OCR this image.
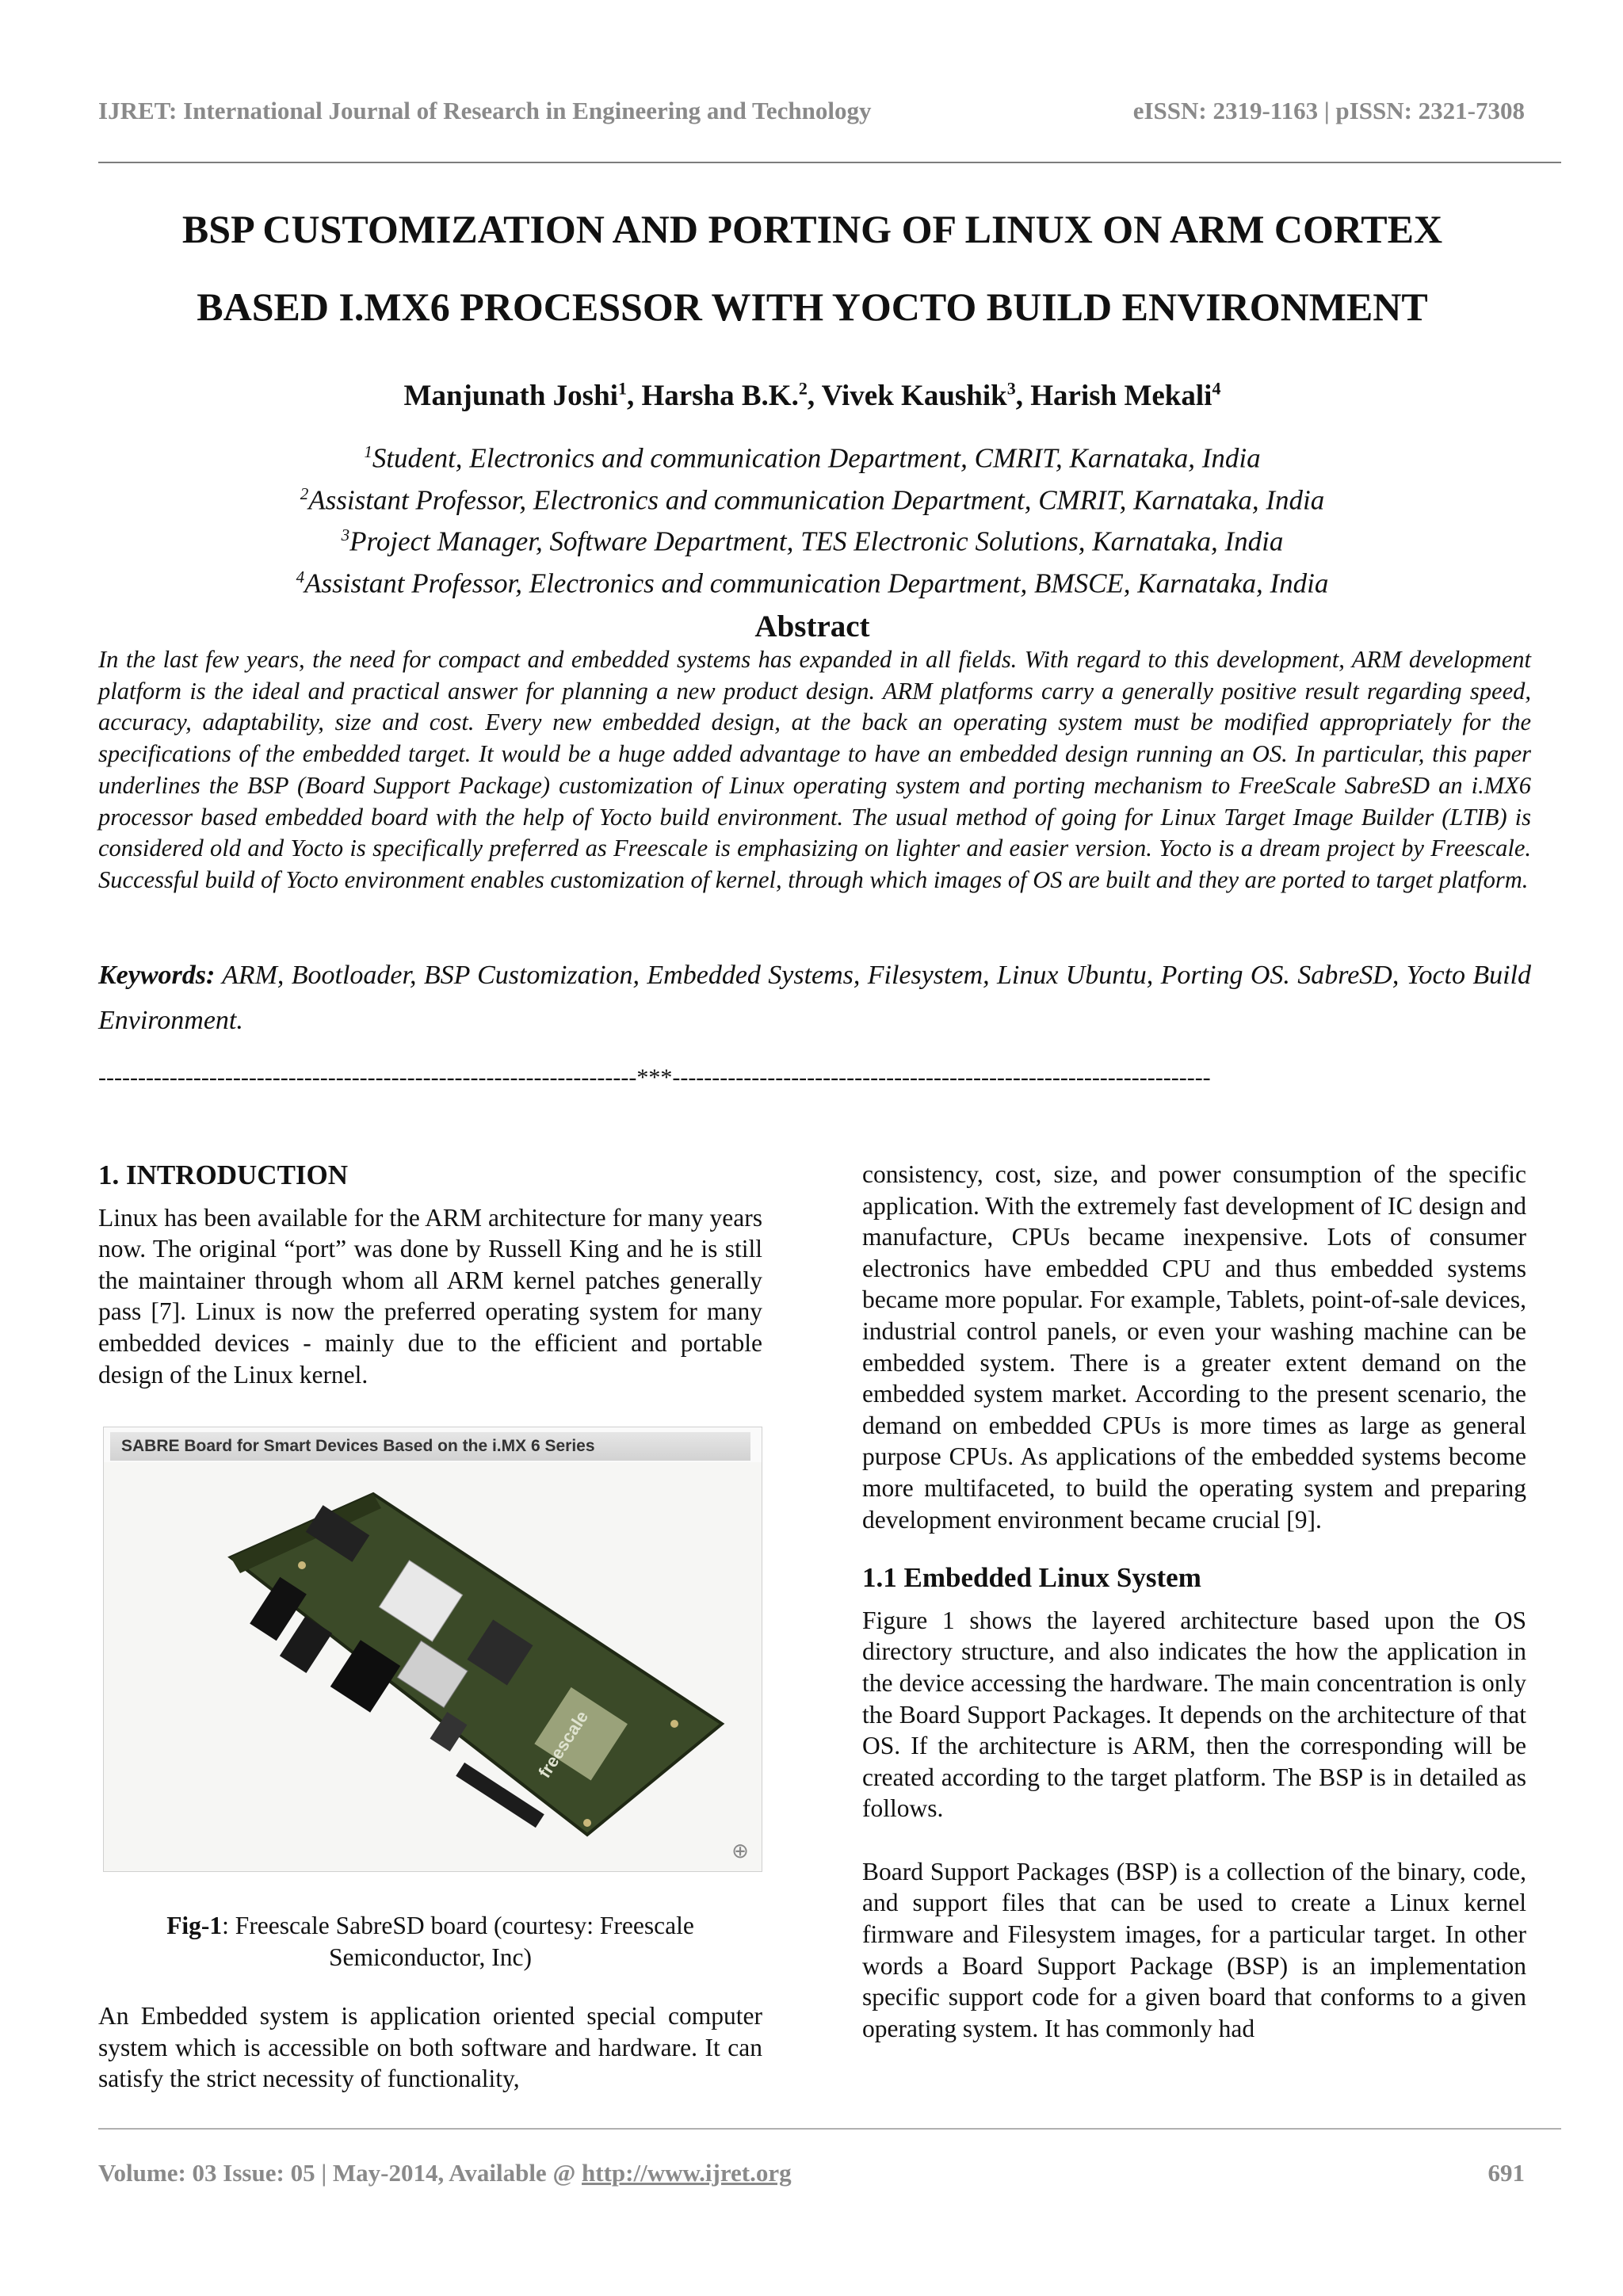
IJRET: International Journal of Research in Engineering and Technology	eISSN: 2319-1163 | pISSN: 2321-7308
BSP CUSTOMIZATION AND PORTING OF LINUX ON ARM CORTEX
BASED I.MX6 PROCESSOR WITH YOCTO BUILD ENVIRONMENT
Manjunath Joshi$^1$, Harsha B.K.$^2$, Vivek Kaushik$^3$, Harish Mekali$^4$
$^1$Student, Electronics and communication Department, CMRIT, Karnataka, India
$^2$Assistant Professor, Electronics and communication Department, CMRIT, Karnataka, India
$^3$Project Manager, Software Department, TES Electronic Solutions, Karnataka, India
$^4$Assistant Professor, Electronics and communication Department, BMSCE, Karnataka, India
Abstract
In the last few years, the need for compact and embedded systems has expanded in all fields. With regard to this development, ARM development platform is the ideal and practical answer for planning a new product design. ARM platforms carry a generally positive result regarding speed, accuracy, adaptability, size and cost. Every new embedded design, at the back an operating system must be modified appropriately for the specifications of the embedded target. It would be a huge added advantage to have an embedded design running an OS. In particular, this paper underlines the BSP (Board Support Package) customization of Linux operating system and porting mechanism to FreeScale SabreSD an i.MX6 processor based embedded board with the help of Yocto build environment. The usual method of going for Linux Target Image Builder (LTIB) is considered old and Yocto is specifically preferred as Freescale is emphasizing on lighter and easier version. Yocto is a dream project by Freescale. Successful build of Yocto environment enables customization of kernel, through which images of OS are built and they are ported to target platform.
Keywords: ARM, Bootloader, BSP Customization, Embedded Systems, Filesystem, Linux Ubuntu, Porting OS. SabreSD, Yocto Build Environment.
--------------------------------------------------------------------***--------------------------------------------------------------------
1. INTRODUCTION

Linux has been available for the ARM architecture for many years now. The original “port” was done by Russell King and he is still the maintainer through whom all ARM kernel patches generally pass [7]. Linux is now the preferred operating system for many embedded devices - mainly due to the efficient and portable design of the Linux kernel.

SABRE Board for Smart Devices Based on the i.MX 6 Series
freescale
⊕
Fig-1: Freescale SabreSD board (courtesy: Freescale Semiconductor, Inc)

An Embedded system is application oriented special computer system which is accessible on both software and hardware. It can satisfy the strict necessity of functionality,

consistency, cost, size, and power consumption of the specific application. With the extremely fast development of IC design and manufacture, CPUs became inexpensive. Lots of consumer electronics have embedded CPU and thus embedded systems became more popular. For example, Tablets, point-of-sale devices, industrial control panels, or even your washing machine can be embedded system. There is a greater extent demand on the embedded system market. According to the present scenario, the demand on embedded CPUs is more times as large as general purpose CPUs. As applications of the embedded systems become more multifaceted, to build the operating system and preparing development environment became crucial [9].

1.1 Embedded Linux System

Figure 1 shows the layered architecture based upon the OS directory structure, and also indicates the how the application in the device accessing the hardware. The main concentration is only the Board Support Packages. It depends on the architecture of that OS. If the architecture is ARM, then the corresponding will be created according to the target platform. The BSP is in detailed as follows.

Board Support Packages (BSP) is a collection of the binary, code, and support files that can be used to create a Linux kernel firmware and Filesystem images, for a particular target. In other words a Board Support Package (BSP) is an implementation specific support code for a given board that conforms to a given operating system. It has commonly had

Volume: 03 Issue: 05 | May-2014, Available @ http://www.ijret.org	691
